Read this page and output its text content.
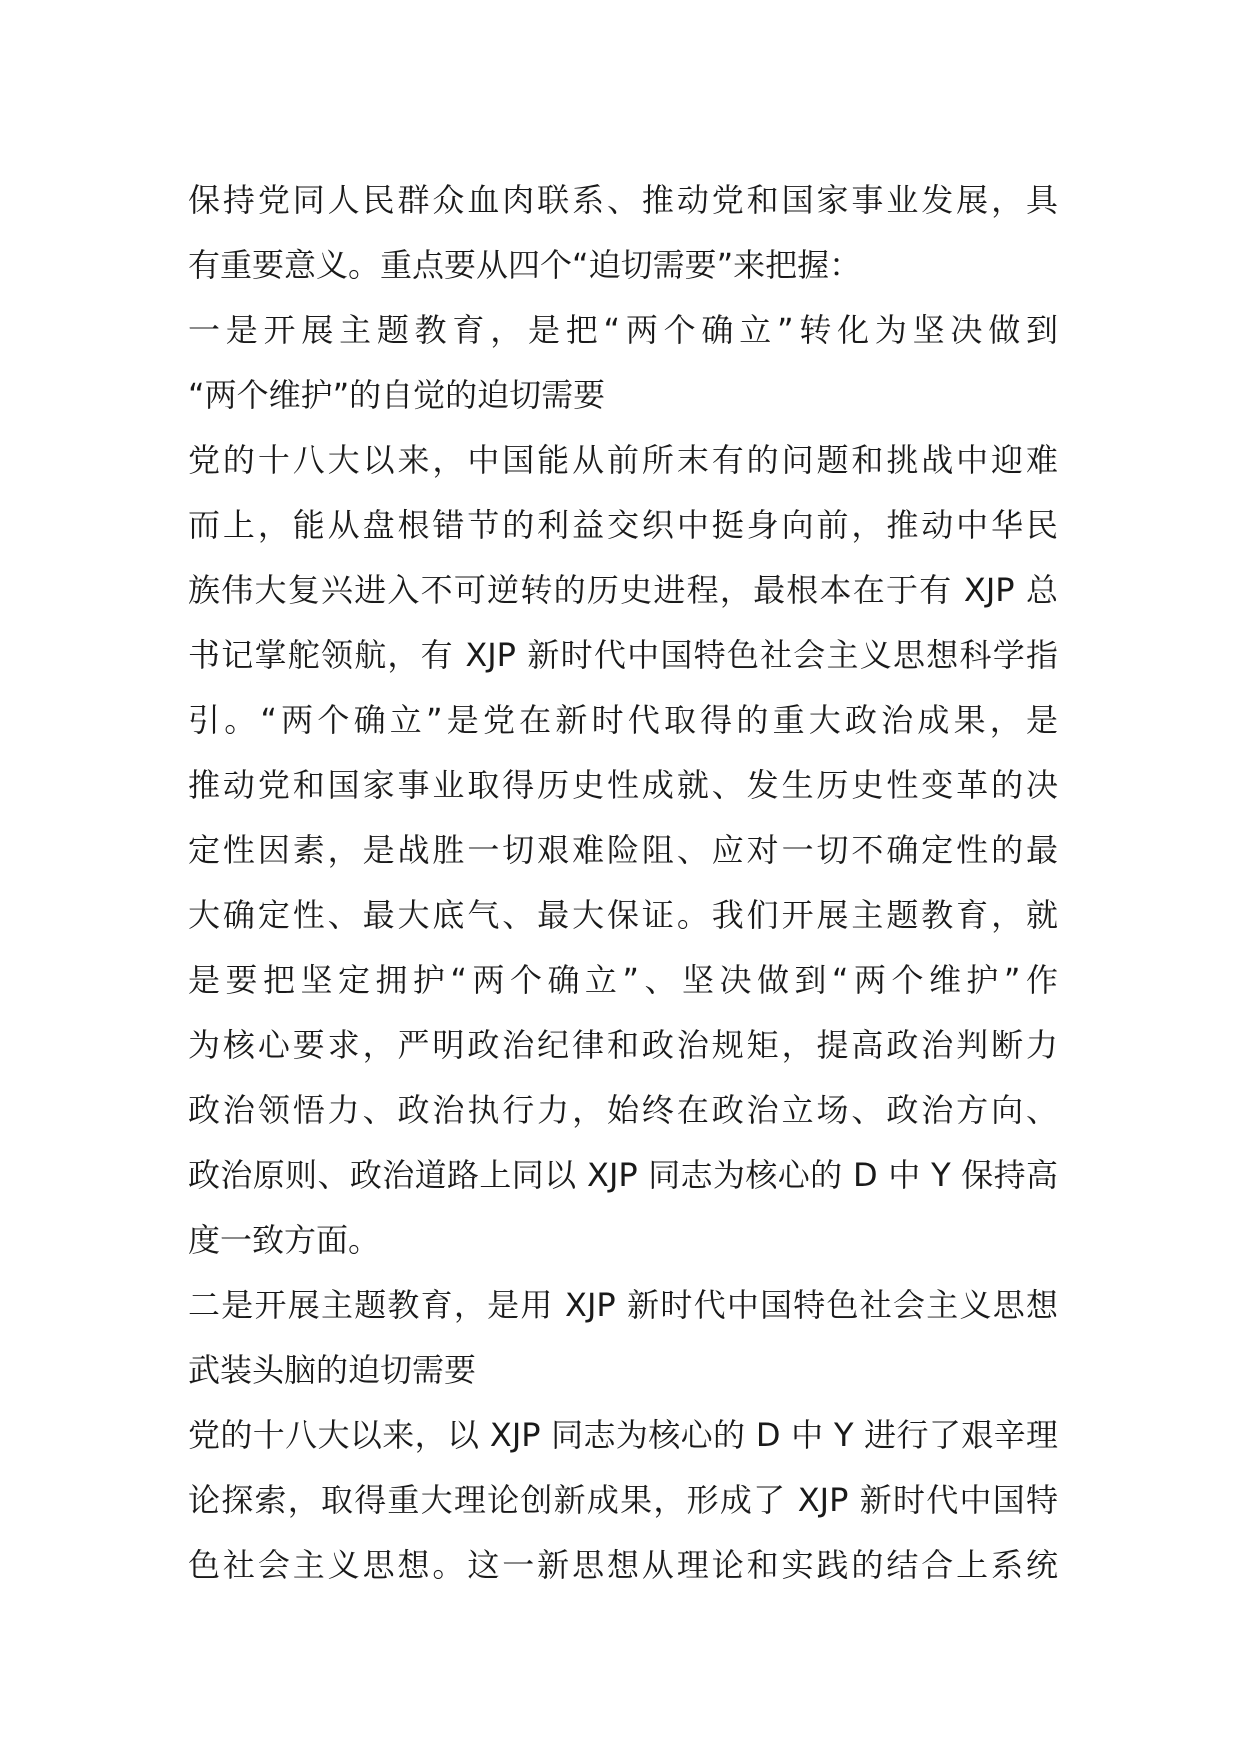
保持党同人民群众血肉联系、推动党和国家事业发展，具
有重要意义。重点要从四个“迫切需要”来把握：
一是开展主题教育，是把“两个确立”转化为坚决做到
“两个维护”的自觉的迫切需要
党的十八大以来，中国能从前所末有的问题和挑战中迎难
而上，能从盘根错节的利益交织中挺身向前，推动中华民
族伟大复兴进入不可逆转的历史进程，最根本在于有 XJP 总
书记掌舵领航，有 XJP 新时代中国特色社会主义思想科学指
引。“两个确立”是党在新时代取得的重大政治成果，是
推动党和国家事业取得历史性成就、发生历史性变革的决
定性因素，是战胜一切艰难险阻、应对一切不确定性的最
大确定性、最大底气、最大保证。我们开展主题教育，就
是要把坚定拥护“两个确立”、坚决做到“两个维护”作
为核心要求，严明政治纪律和政治规矩，提高政治判断力
政治领悟力、政治执行力，始终在政治立场、政治方向、
政治原则、政治道路上同以 XJP 同志为核心的 D 中 Y 保持高
度一致方面。
二是开展主题教育，是用 XJP 新时代中国特色社会主义思想
武装头脑的迫切需要
党的十八大以来，以 XJP 同志为核心的 D 中 Y 进行了艰辛理
论探索，取得重大理论创新成果，形成了 XJP 新时代中国特
色社会主义思想。这一新思想从理论和实践的结合上系统
